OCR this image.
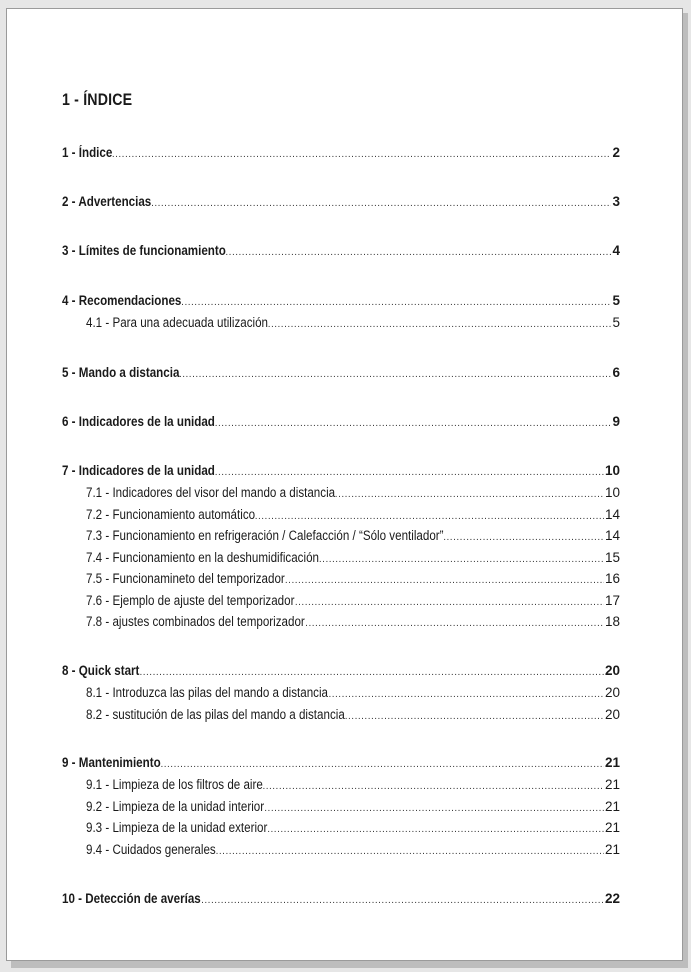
1 - ÍNDICE
1 - Índice .....	2
2 - Advertencias .....	3
3 - Límites de funcionamiento .....	4
4 - Recomendaciones .....	5
4.1 - Para una adecuada utilización .....	5
5 - Mando a distancia .....	6
6 - Indicadores de la unidad .....	9
7 - Indicadores de la unidad .....	10
7.1 - Indicadores del visor del mando a distancia .....	10
7.2 - Funcionamiento automático .....	14
7.3 - Funcionamiento en refrigeración / Calefacción / “Sólo ventilador” .....	14
7.4 - Funcionamiento en la deshumidificación .....	15
7.5 - Funcionamineto del temporizador .....	16
7.6 - Ejemplo de ajuste del temporizador .....	17
7.8 - ajustes combinados del temporizador .....	18
8 - Quick start .....	20
8.1 - Introduzca las pilas del mando a distancia .....	20
8.2 - sustitución de las pilas del mando a distancia .....	20
9 - Mantenimiento .....	21
9.1 - Limpieza de los filtros de aire .....	21
9.2 - Limpieza de la unidad interior .....	21
9.3 - Limpieza de la unidad exterior .....	21
9.4 - Cuidados generales .....	21
10 - Detección de averías .....	22
